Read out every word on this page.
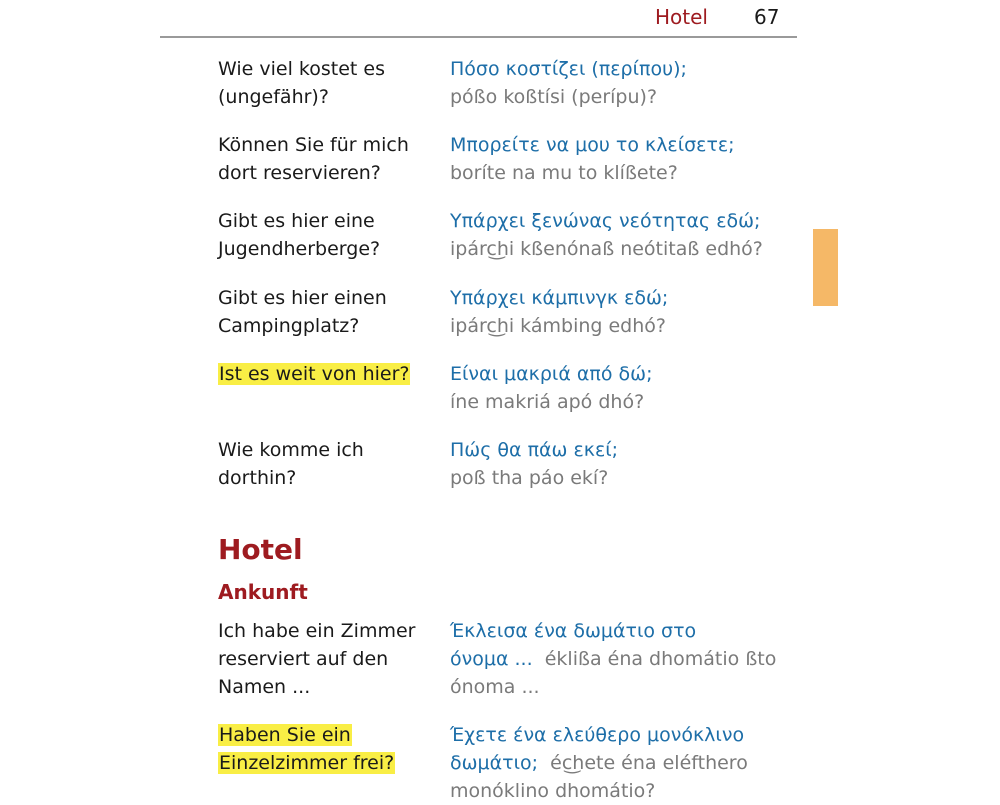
Hotel 67
Wie viel kostet es
(ungefähr)?
Πόσο κοστίζει (περίπου);
póßo koßtísi (perípu)?
Können Sie für mich
dort reservieren?
Μπορείτε να μου το κλείσετε;
boríte na mu to klíßete?
Gibt es hier eine
Jugendherberge?
Υπάρχει ξενώνας νεότητας εδώ;
ipárc͜hi kßenónaß neótitaß edhó?
Gibt es hier einen
Campingplatz?
Υπάρχει κάμπινγκ εδώ;
ipárc͜hi kámbing edhó?
Ist es weit von hier?	Είναι μακριά από δώ;
íne makriá apó dhó?
Wie komme ich
dorthin?
Πώς θα πάω εκεί;
poß tha páo ekí?
Hotel
Ankunft
Ich habe ein Zimmer
reserviert auf den
Namen ...
Έκλεισα ένα δωμάτιο στο
όνομα ... éklißa éna dhomátio ßto
ónoma ...
Haben Sie ein
Einzelzimmer frei?
Έχετε ένα ελεύθερο μονόκλινο
δωμάτιο; éc͜hete éna eléfthero
monóklino dhomátio?
